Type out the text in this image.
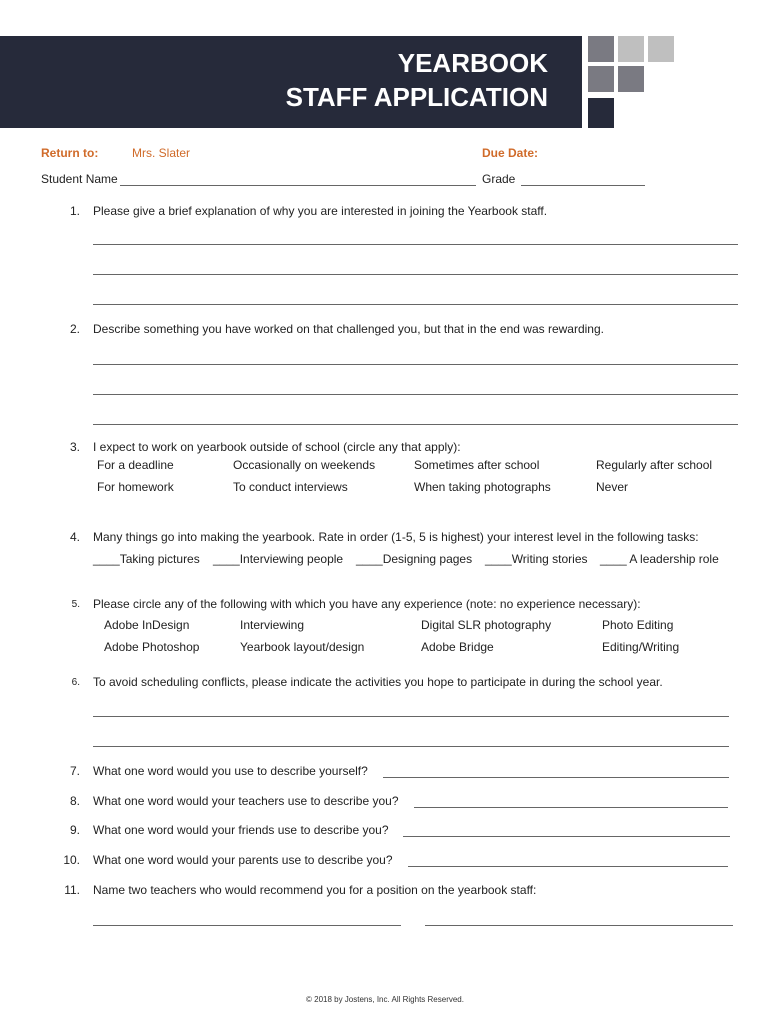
YEARBOOK
STAFF APPLICATION
Return to:	Mrs. Slater	Due Date:
Student Name	Grade
1. Please give a brief explanation of why you are interested in joining the Yearbook staff.
2. Describe something you have worked on that challenged you, but that in the end was rewarding.
3. I expect to work on yearbook outside of school (circle any that apply):
For a deadline	Occasionally on weekends	Sometimes after school	Regularly after school
For homework	To conduct interviews	When taking photographs	Never
4. Many things go into making the yearbook. Rate in order (1-5, 5 is highest) your interest level in the following tasks:
____Taking pictures ____Interviewing people ____Designing pages ____Writing stories ____ A leadership role
5. Please circle any of the following with which you have any experience (note: no experience necessary):
Adobe InDesign	Interviewing	Digital SLR photography	Photo Editing
Adobe Photoshop	Yearbook layout/design	Adobe Bridge	Editing/Writing
6. To avoid scheduling conflicts, please indicate the activities you hope to participate in during the school year.
7. What one word would you use to describe yourself?
8. What one word would your teachers use to describe you?
9. What one word would your friends use to describe you?
10. What one word would your parents use to describe you?
11. Name two teachers who would recommend you for a position on the yearbook staff:
© 2018 by Jostens, Inc. All Rights Reserved.
